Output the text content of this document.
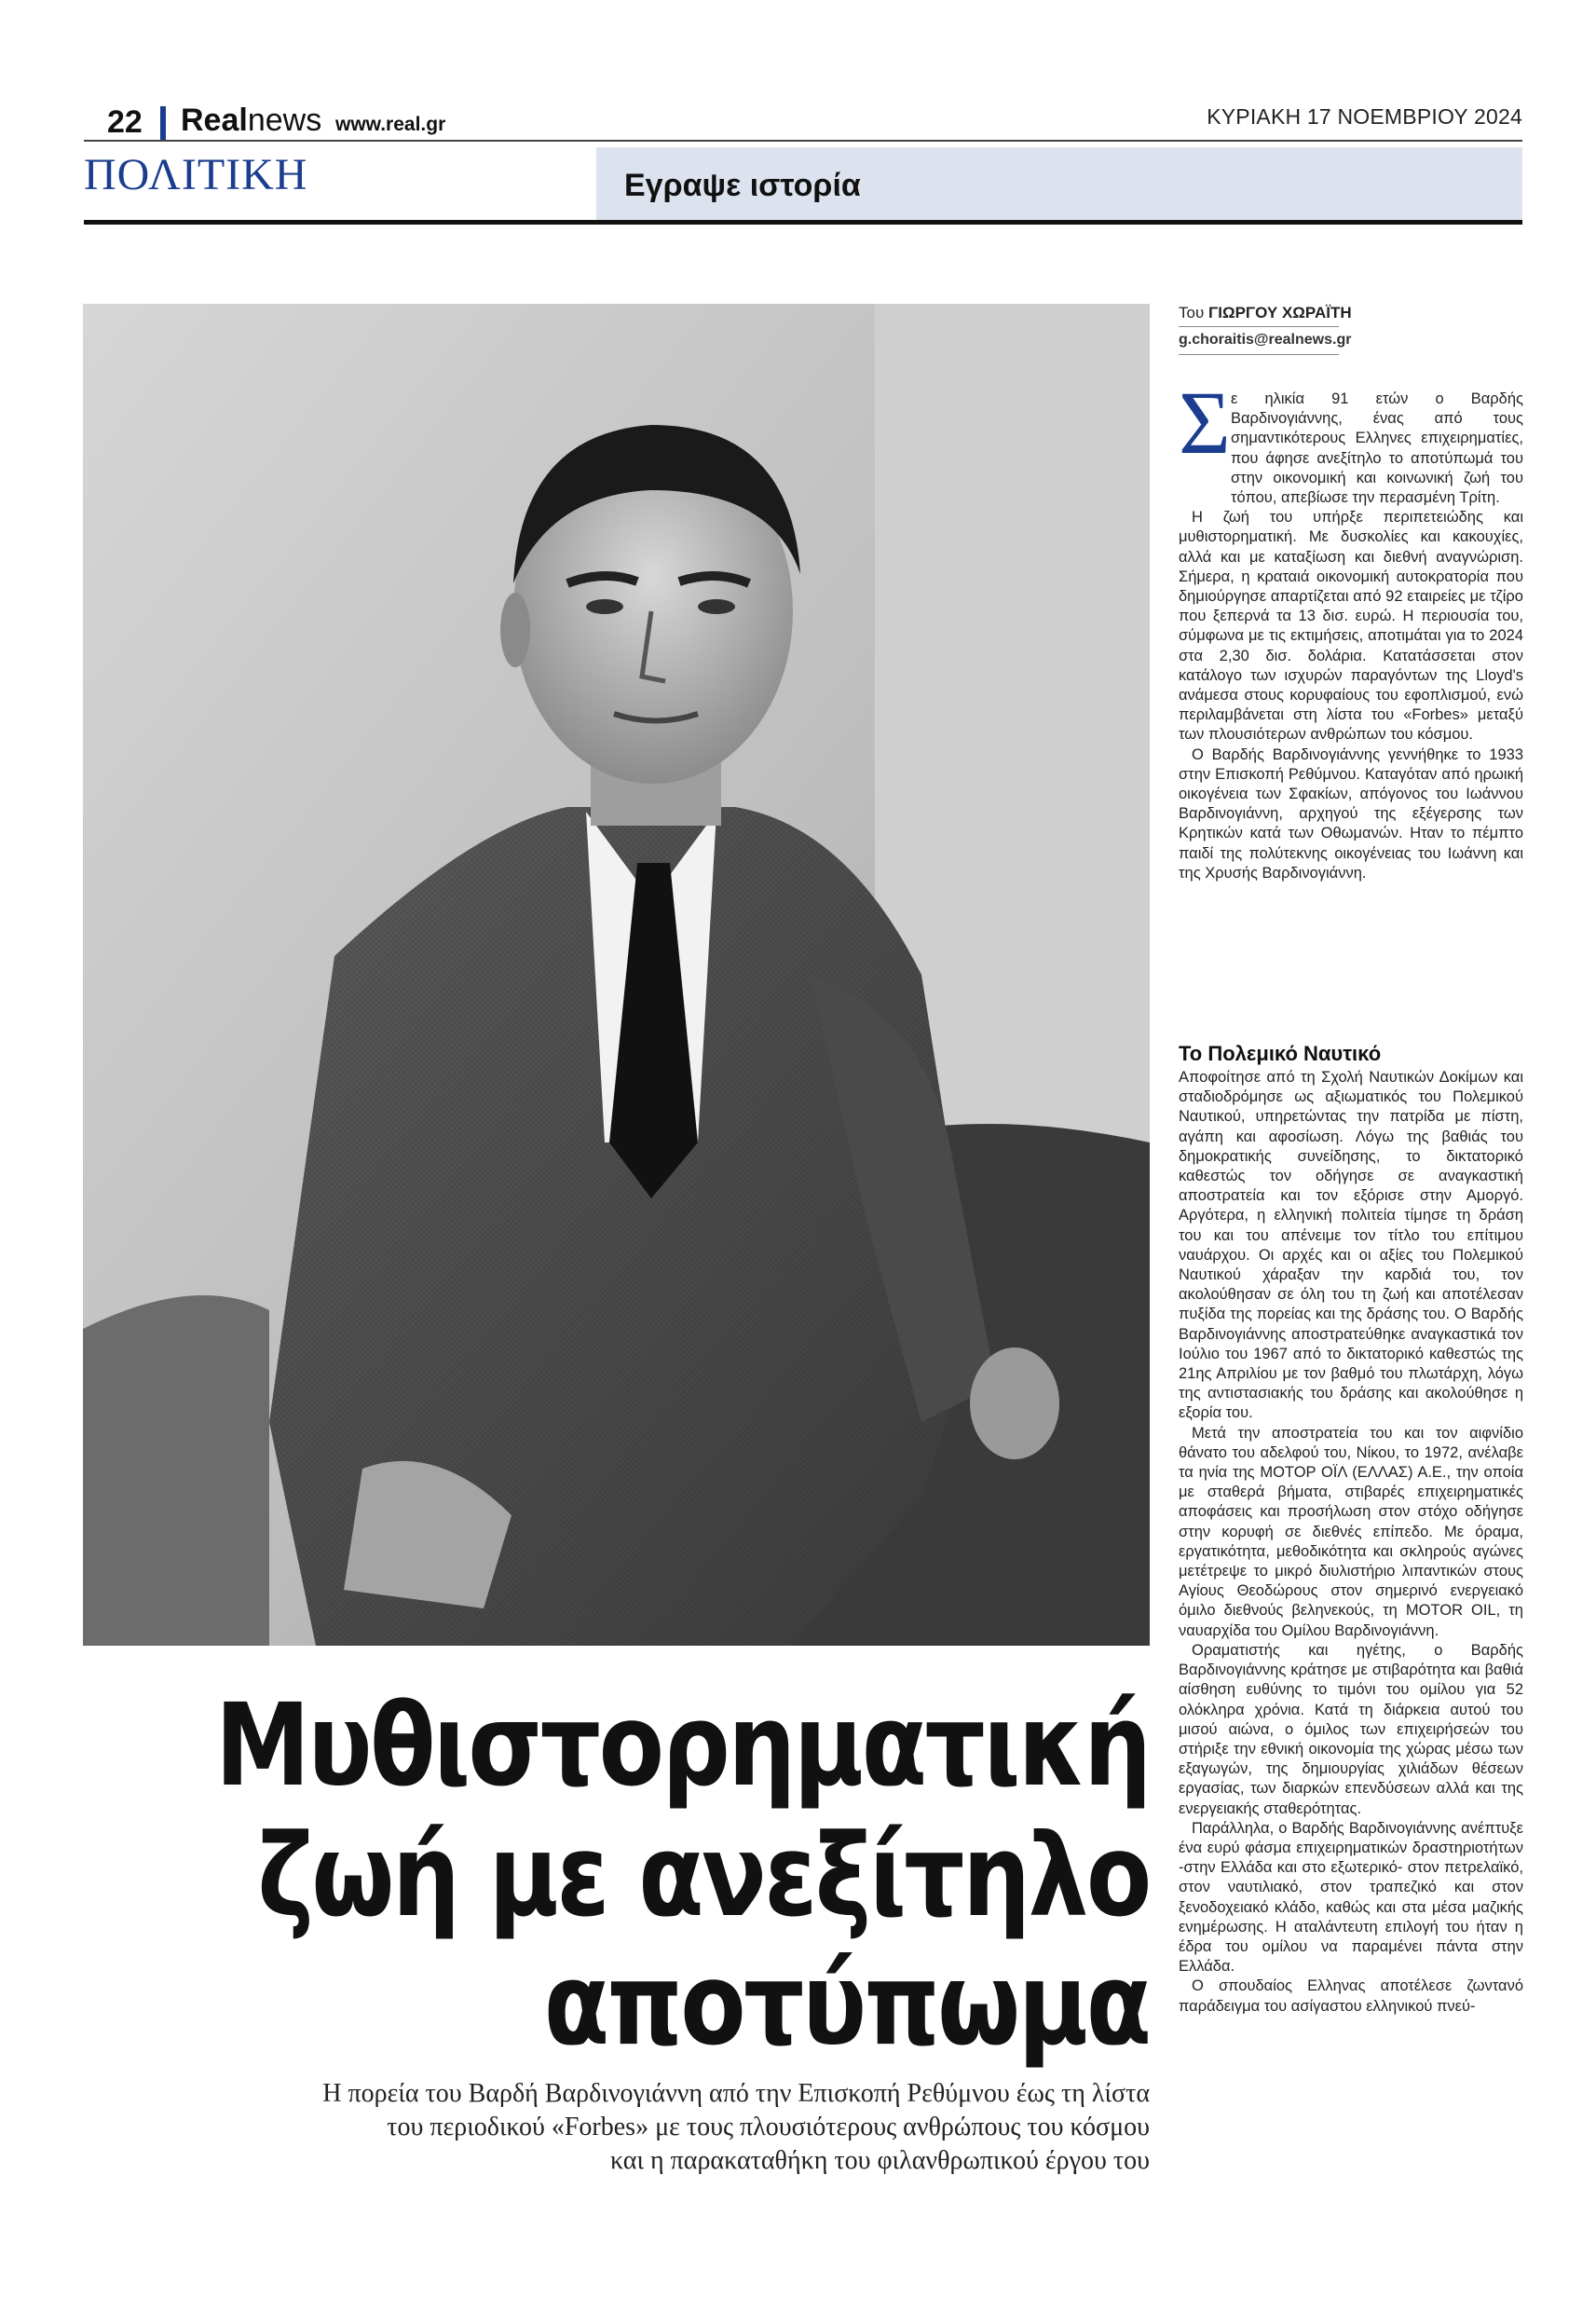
22 Realnews www.real.gr	ΚΥΡΙΑΚΗ 17 ΝΟΕΜΒΡΙΟΥ 2024
ΠΟΛΙΤΙΚΗ	Εγραψε ιστορία
Μυθιστορηματική
ζωή με ανεξίτηλο
αποτύπωμα
Η πορεία του Βαρδή Βαρδινογιάννη από την Επισκοπή Ρεθύμνου έως τη λίστα
του περιοδικού «Forbes» με τους πλουσιότερους ανθρώπους του κόσμου
και η παρακαταθήκη του φιλανθρωπικού έργου του
Του ΓΙΩΡΓΟΥ ΧΩΡΑΪΤΗ
g.choraitis@realnews.gr
Σ ε ηλικία 91 ετών ο Βαρδής Βαρδινογιάννης, ένας από τους σημαντικότερους Ελληνες επιχειρηματίες, που άφησε ανεξίτηλο το αποτύπωμά του στην οικονομική και κοινωνική ζωή του τόπου, απεβίωσε την περασμένη Τρίτη.

Η ζωή του υπήρξε περιπετειώδης και μυθιστορηματική. Με δυσκολίες και κακουχίες, αλλά και με καταξίωση και διεθνή αναγνώριση. Σήμερα, η κραταιά οικονομική αυτοκρατορία που δημιούργησε απαρτίζεται από 92 εταιρείες με τζίρο που ξεπερνά τα 13 δισ. ευρώ. Η περιουσία του, σύμφωνα με τις εκτιμήσεις, αποτιμάται για το 2024 στα 2,30 δισ. δολάρια. Κατατάσσεται στον κατάλογο των ισχυρών παραγόντων της Lloyd's ανάμεσα στους κορυφαίους του εφοπλισμού, ενώ περιλαμβάνεται στη λίστα του «Forbes» μεταξύ των πλουσιότερων ανθρώπων του κόσμου.

Ο Βαρδής Βαρδινογιάννης γεννήθηκε το 1933 στην Επισκοπή Ρεθύμνου. Καταγόταν από ηρωική οικογένεια των Σφακίων, απόγονος του Ιωάννου Βαρδινογιάννη, αρχηγού της εξέγερσης των Κρητικών κατά των Οθωμανών. Ηταν το πέμπτο παιδί της πολύτεκνης οικογένειας του Ιωάννη και της Χρυσής Βαρδινογιάννη.

Το Πολεμικό Ναυτικό

Αποφοίτησε από τη Σχολή Ναυτικών Δοκίμων και σταδιοδρόμησε ως αξιωματικός του Πολεμικού Ναυτικού, υπηρετώντας την πατρίδα με πίστη, αγάπη και αφοσίωση. Λόγω της βαθιάς του δημοκρατικής συνείδησης, το δικτατορικό καθεστώς τον οδήγησε σε αναγκαστική αποστρατεία και τον εξόρισε στην Αμοργό. Αργότερα, η ελληνική πολιτεία τίμησε τη δράση του και του απένειμε τον τίτλο του επίτιμου ναυάρχου. Οι αρχές και οι αξίες του Πολεμικού Ναυτικού χάραξαν την καρδιά του, τον ακολούθησαν σε όλη του τη ζωή και αποτέλεσαν πυξίδα της πορείας και της δράσης του. Ο Βαρδής Βαρδινογιάννης αποστρατεύθηκε αναγκαστικά τον Ιούλιο του 1967 από το δικτατορικό καθεστώς της 21ης Απριλίου με τον βαθμό του πλωτάρχη, λόγω της αντιστασιακής του δράσης και ακολούθησε η εξορία του.

Μετά την αποστρατεία του και τον αιφνίδιο θάνατο του αδελφού του, Νίκου, το 1972, ανέλαβε τα ηνία της ΜΟΤΟΡ ΟΪΛ (ΕΛΛΑΣ) Α.Ε., την οποία με σταθερά βήματα, στιβαρές επιχειρηματικές αποφάσεις και προσήλωση στον στόχο οδήγησε στην κορυφή σε διεθνές επίπεδο. Με όραμα, εργατικότητα, μεθοδικότητα και σκληρούς αγώνες μετέτρεψε το μικρό διυλιστήριο λιπαντικών στους Αγίους Θεοδώρους στον σημερινό ενεργειακό όμιλο διεθνούς βεληνεκούς, τη MOTOR OIL, τη ναυαρχίδα του Ομίλου Βαρδινογιάννη.

Οραματιστής και ηγέτης, ο Βαρδής Βαρδινογιάννης κράτησε με στιβαρότητα και βαθιά αίσθηση ευθύνης το τιμόνι του ομίλου για 52 ολόκληρα χρόνια. Κατά τη διάρκεια αυτού του μισού αιώνα, ο όμιλος των επιχειρήσεών του στήριξε την εθνική οικονομία της χώρας μέσω των εξαγωγών, της δημιουργίας χιλιάδων θέσεων εργασίας, των διαρκών επενδύσεων αλλά και της ενεργειακής σταθερότητας.

Παράλληλα, ο Βαρδής Βαρδινογιάννης ανέπτυξε ένα ευρύ φάσμα επιχειρηματικών δραστηριοτήτων -στην Ελλάδα και στο εξωτερικό- στον πετρελαϊκό, στον ναυτιλιακό, στον τραπεζικό και στον ξενοδοχειακό κλάδο, καθώς και στα μέσα μαζικής ενημέρωσης. Η αταλάντευτη επιλογή του ήταν η έδρα του ομίλου να παραμένει πάντα στην Ελλάδα.

Ο σπουδαίος Ελληνας αποτέλεσε ζωντανό παράδειγμα του ασίγαστου ελληνικού πνεύ-
